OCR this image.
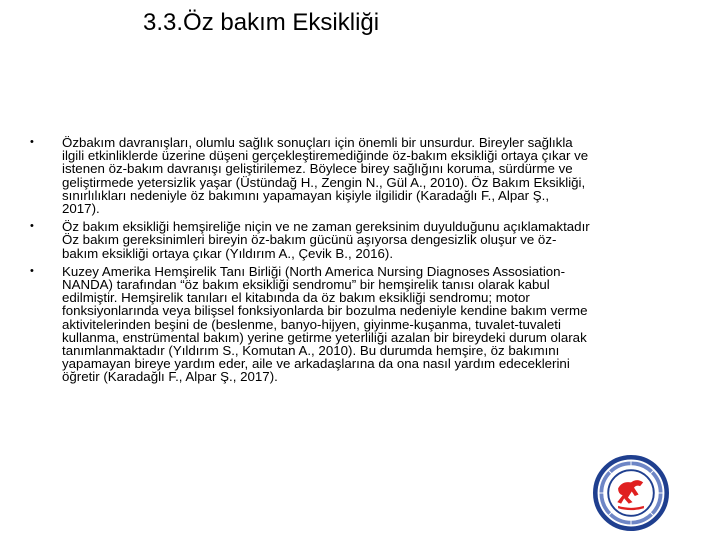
3.3.Öz bakım Eksikliği
• Özbakım davranışları, olumlu sağlık sonuçları için önemli bir unsurdur. Bireyler sağlıkla ilgili etkinliklerde üzerine düşeni gerçekleştiremediğinde öz-bakım eksikliği ortaya çıkar ve istenen öz-bakım davranışı geliştirilemez. Böylece birey sağlığını koruma, sürdürme ve geliştirmede yetersizlik yaşar (Üstündağ H., Zengin N., Gül A., 2010). Öz Bakım Eksikliği, sınırlılıkları nedeniyle öz bakımını yapamayan kişiyle ilgilidir (Karadağlı F., Alpar Ş., 2017).
• Öz bakım eksikliği hemşireliğe niçin ve ne zaman gereksinim duyulduğunu açıklamaktadır Öz bakım gereksinimleri bireyin öz-bakım gücünü aşıyorsa dengesizlik oluşur ve öz-bakım eksikliği ortaya çıkar (Yıldırım A., Çevik B., 2016).
• Kuzey Amerika Hemşirelik Tanı Birliği (North America Nursing Diagnoses Assosiation-NANDA) tarafından “öz bakım eksikliği sendromu” bir hemşirelik tanısı olarak kabul edilmiştir. Hemşirelik tanıları el kitabında da öz bakım eksikliği sendromu; motor fonksiyonlarında veya bilişsel fonksiyonlarda bir bozulma nedeniyle kendine bakım verme aktivitelerinden beşini de (beslenme, banyo-hijyen, giyinme-kuşanma, tuvalet-tuvaleti kullanma, enstrümental bakım) yerine getirme yeterliliği azalan bir bireydeki durum olarak tanımlanmaktadır (Yıldırım S., Komutan A., 2010). Bu durumda hemşire, öz bakımını yapamayan bireye yardım eder, aile ve arkadaşlarına da ona nasıl yardım edeceklerini öğretir (Karadağlı F., Alpar Ş., 2017).
